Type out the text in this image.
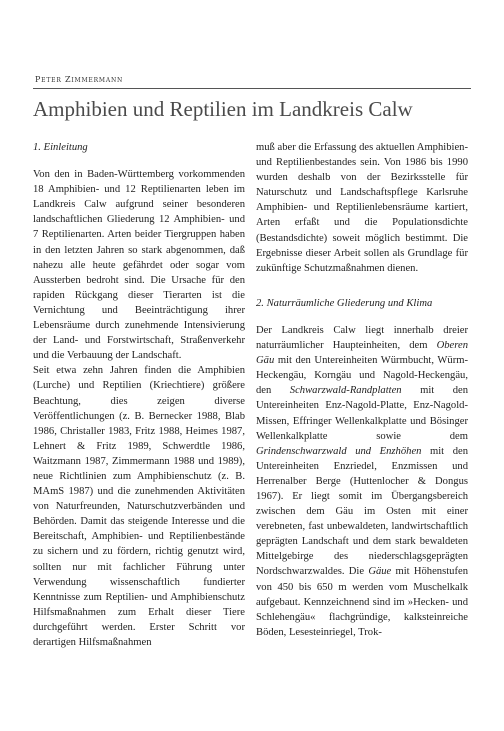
Peter Zimmermann
Amphibien und Reptilien im Landkreis Calw

1. Einleitung

Von den in Baden-Württemberg vorkommenden 18 Amphibien- und 12 Reptilienarten leben im Landkreis Calw aufgrund seiner besonderen landschaftlichen Gliederung 12 Amphibien- und 7 Reptilienarten. Arten beider Tiergruppen haben in den letzten Jahren so stark abgenommen, daß nahezu alle heute gefährdet oder sogar vom Aussterben bedroht sind. Die Ursache für den rapiden Rückgang dieser Tierarten ist die Vernichtung und Beeinträchtigung ihrer Lebensräume durch zunehmende Intensivierung der Land- und Forstwirtschaft, Straßenverkehr und die Verbauung der Landschaft.

Seit etwa zehn Jahren finden die Amphibien (Lurche) und Reptilien (Kriechtiere) größere Beachtung, dies zeigen diverse Veröffentlichungen (z. B. Bernecker 1988, Blab 1986, Christaller 1983, Fritz 1988, Heimes 1987, Lehnert & Fritz 1989, Schwerdtle 1986, Waitzmann 1987, Zimmermann 1988 und 1989), neue Richtlinien zum Amphibienschutz (z. B. MAmS 1987) und die zunehmenden Aktivitäten von Naturfreunden, Naturschutzverbänden und Behörden. Damit das steigende Interesse und die Bereitschaft, Amphibien- und Reptilienbestände zu sichern und zu fördern, richtig genutzt wird, sollten nur mit fachlicher Führung unter Verwendung wissenschaftlich fundierter Kenntnisse zum Reptilien- und Amphibienschutz Hilfsmaßnahmen zum Erhalt dieser Tiere durchgeführt werden. Erster Schritt vor derartigen Hilfsmaßnahmen

muß aber die Erfassung des aktuellen Amphibien- und Reptilienbestandes sein. Von 1986 bis 1990 wurden deshalb von der Bezirksstelle für Naturschutz und Landschaftspflege Karlsruhe Amphibien- und Reptilienlebensräume kartiert, Arten erfaßt und die Populationsdichte (Bestandsdichte) soweit möglich bestimmt. Die Ergebnisse dieser Arbeit sollen als Grundlage für zukünftige Schutzmaßnahmen dienen.

2. Naturräumliche Gliederung und Klima

Der Landkreis Calw liegt innerhalb dreier naturräumlicher Haupteinheiten, dem Oberen Gäu mit den Untereinheiten Würmbucht, Würm-Heckengäu, Korngäu und Nagold-Heckengäu, den Schwarzwald-Randplatten mit den Untereinheiten Enz-Nagold-Platte, Enz-Nagold-Missen, Effringer Wellenkalkplatte und Bösinger Wellenkalkplatte sowie dem Grindenschwarzwald und Enzhöhen mit den Untereinheiten Enzriedel, Enzmissen und Herrenalber Berge (Huttenlocher & Dongus 1967). Er liegt somit im Übergangsbereich zwischen dem Gäu im Osten mit einer verebneten, fast unbewaldeten, landwirtschaftlich geprägten Landschaft und dem stark bewaldeten Mittelgebirge des niederschlagsgeprägten Nordschwarzwaldes. Die Gäue mit Höhenstufen von 450 bis 650 m werden vom Muschelkalk aufgebaut. Kennzeichnend sind im »Hecken- und Schlehengäu« flachgründige, kalksteinreiche Böden, Lesesteinriegel, Trok-
